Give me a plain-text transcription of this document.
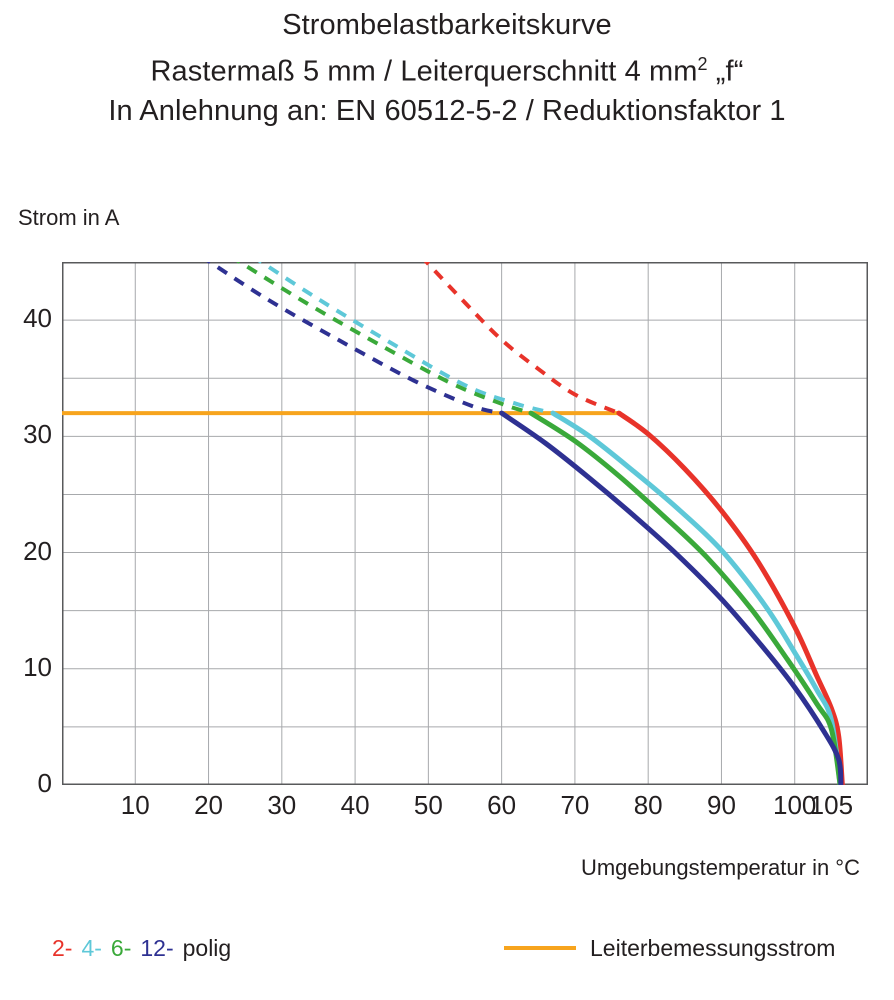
Strombelastbarkeitskurve
Rastermaß 5 mm / Leiterquerschnitt 4 $mm^2$ „f“
In Anlehnung an: EN 60512-5-2 / Reduktionsfaktor 1
Strom in A
Umgebungstemperatur in °C
2- 4- 6- 12- polig	Leiterbemessungsstrom
0
10
20
30
40
10	20	30	40	50	60	70	80	90	100
105
